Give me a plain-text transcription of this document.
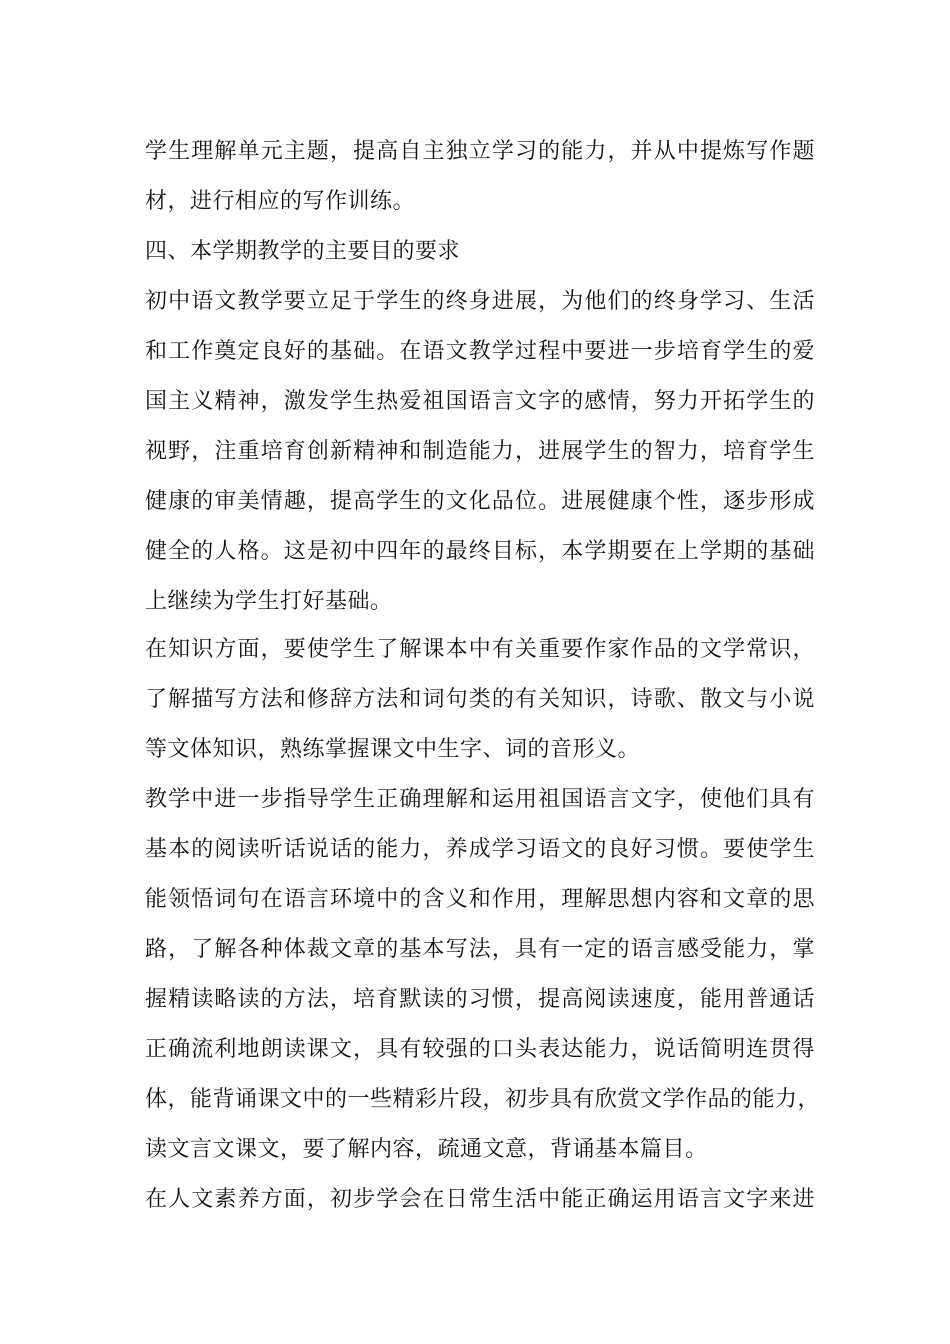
学生理解单元主题，提高自主独立学习的能力，并从中提炼写作题
材，进行相应的写作训练。
四、本学期教学的主要目的要求
初中语文教学要立足于学生的终身进展，为他们的终身学习、生活
和工作奠定良好的基础。在语文教学过程中要进一步培育学生的爱
国主义精神，激发学生热爱祖国语言文字的感情，努力开拓学生的
视野，注重培育创新精神和制造能力，进展学生的智力，培育学生
健康的审美情趣，提高学生的文化品位。进展健康个性，逐步形成
健全的人格。这是初中四年的最终目标，本学期要在上学期的基础
上继续为学生打好基础。
在知识方面，要使学生了解课本中有关重要作家作品的文学常识，
了解描写方法和修辞方法和词句类的有关知识，诗歌、散文与小说
等文体知识，熟练掌握课文中生字、词的音形义。
教学中进一步指导学生正确理解和运用祖国语言文字，使他们具有
基本的阅读听话说话的能力，养成学习语文的良好习惯。要使学生
能领悟词句在语言环境中的含义和作用，理解思想内容和文章的思
路，了解各种体裁文章的基本写法，具有一定的语言感受能力，掌
握精读略读的方法，培育默读的习惯，提高阅读速度，能用普通话
正确流利地朗读课文，具有较强的口头表达能力，说话简明连贯得
体，能背诵课文中的一些精彩片段，初步具有欣赏文学作品的能力，
读文言文课文，要了解内容，疏通文意，背诵基本篇目。
在人文素养方面，初步学会在日常生活中能正确运用语言文字来进
